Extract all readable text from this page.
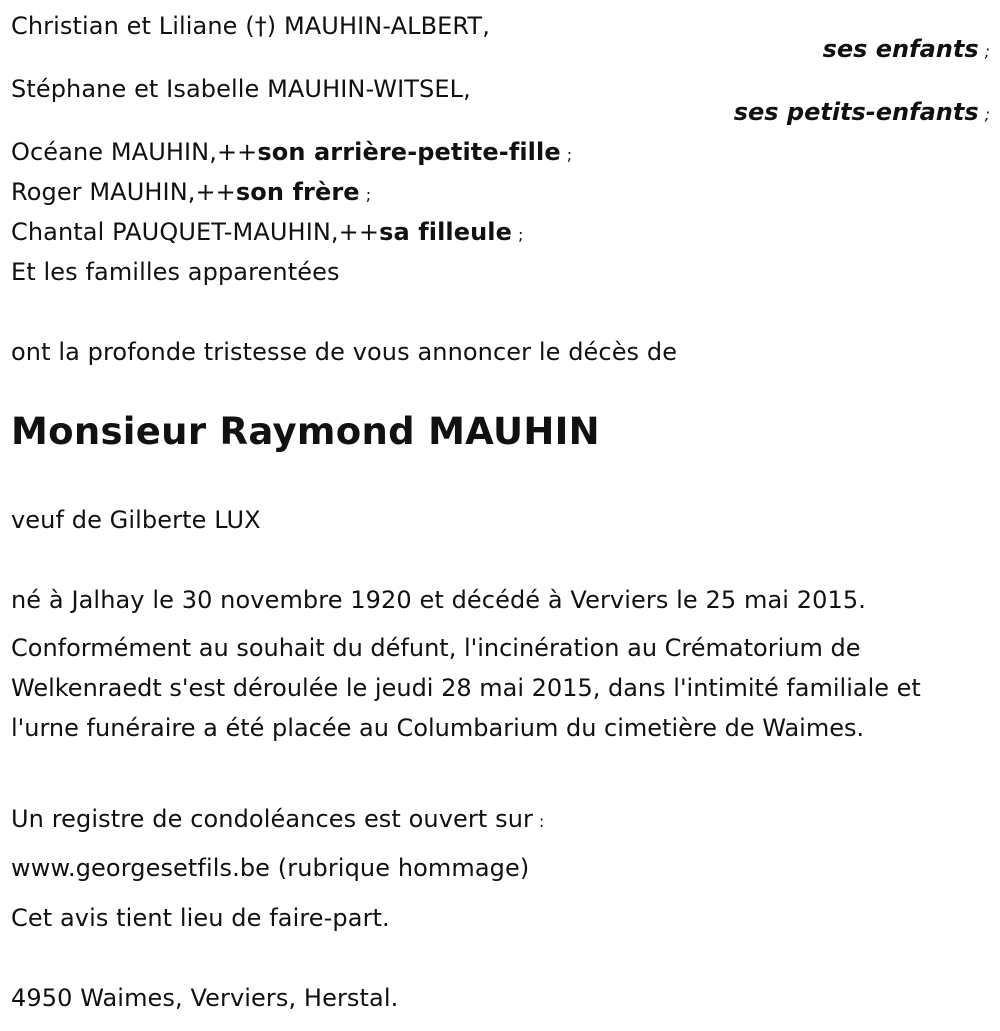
Christian et Liliane (†) MAUHIN-ALBERT,
ses enfants ;
Stéphane et Isabelle MAUHIN-WITSEL,
ses petits-enfants ;
Océane MAUHIN,++son arrière-petite-fille ;
Roger MAUHIN,++son frère ;
Chantal PAUQUET-MAUHIN,++sa filleule ;
Et les familles apparentées
ont la profonde tristesse de vous annoncer le décès de
Monsieur Raymond MAUHIN
veuf de Gilberte LUX
né à Jalhay le 30 novembre 1920 et décédé à Verviers le 25 mai 2015.
Conformément au souhait du défunt, l'incinération au Crématorium de Welkenraedt s'est déroulée le jeudi 28 mai 2015, dans l'intimité familiale et l'urne funéraire a été placée au Columbarium du cimetière de Waimes.
Un registre de condoléances est ouvert sur :
www.georgesetfils.be (rubrique hommage)
Cet avis tient lieu de faire-part.
4950 Waimes, Verviers, Herstal.
